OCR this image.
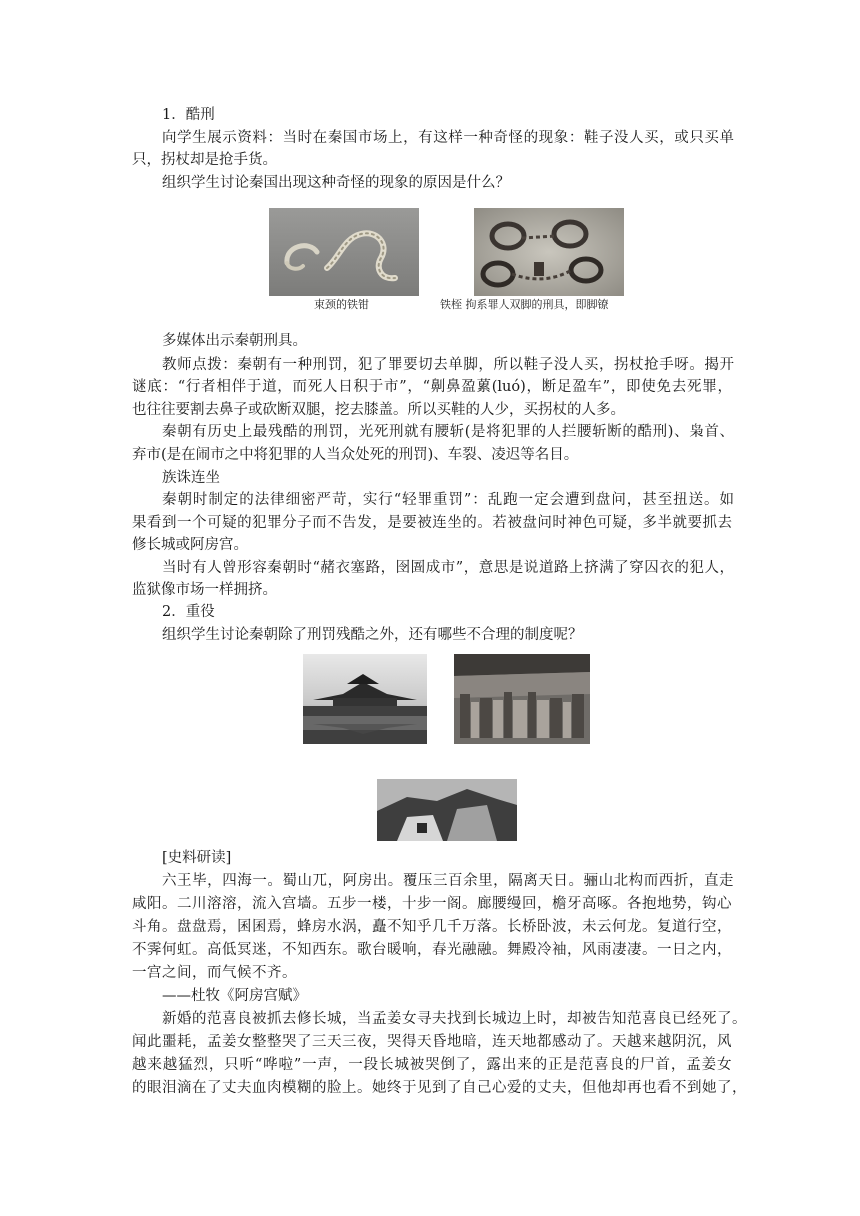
1．酷刑
向学生展示资料：当时在秦国市场上，有这样一种奇怪的现象：鞋子没人买，或只买单
只，拐杖却是抢手货。
组织学生讨论秦国出现这种奇怪的现象的原因是什么？
束颈的铁钳	铁桎 拘系罪人双脚的刑具，即脚镣
多媒体出示秦朝刑具。
教师点拨：秦朝有一种刑罚，犯了罪要切去单脚，所以鞋子没人买，拐杖抢手呀。揭开
谜底：“行者相伴于道，而死人日积于市”，“劓鼻盈蔂(luó)，断足盈车”，即使免去死罪，
也往往要割去鼻子或砍断双腿，挖去膝盖。所以买鞋的人少，买拐杖的人多。
秦朝有历史上最残酷的刑罚，光死刑就有腰斩(是将犯罪的人拦腰斩断的酷刑)、枭首、
弃市(是在闹市之中将犯罪的人当众处死的刑罚)、车裂、凌迟等名目。
族诛连坐
秦朝时制定的法律细密严苛，实行“轻罪重罚”：乱跑一定会遭到盘问，甚至扭送。如
果看到一个可疑的犯罪分子而不告发，是要被连坐的。若被盘问时神色可疑，多半就要抓去
修长城或阿房宫。
当时有人曾形容秦朝时“赭衣塞路，囹圄成市”，意思是说道路上挤满了穿囚衣的犯人，
监狱像市场一样拥挤。
2．重役
组织学生讨论秦朝除了刑罚残酷之外，还有哪些不合理的制度呢？
[史料研读]
六王毕，四海一。蜀山兀，阿房出。覆压三百余里，隔离天日。骊山北构而西折，直走
咸阳。二川溶溶，流入宫墙。五步一楼，十步一阁。廊腰缦回，檐牙高啄。各抱地势，钩心
斗角。盘盘焉，囷囷焉，蜂房水涡，矗不知乎几千万落。长桥卧波，未云何龙。复道行空，
不霁何虹。高低冥迷，不知西东。歌台暖响，春光融融。舞殿冷袖，风雨凄凄。一日之内，
一宫之间，而气候不齐。
——杜牧《阿房宫赋》
新婚的范喜良被抓去修长城，当孟姜女寻夫找到长城边上时，却被告知范喜良已经死了。
闻此噩耗，孟姜女整整哭了三天三夜，哭得天昏地暗，连天地都感动了。天越来越阴沉，风
越来越猛烈，只听“哗啦”一声，一段长城被哭倒了，露出来的正是范喜良的尸首，孟姜女
的眼泪滴在了丈夫血肉模糊的脸上。她终于见到了自己心爱的丈夫，但他却再也看不到她了，
